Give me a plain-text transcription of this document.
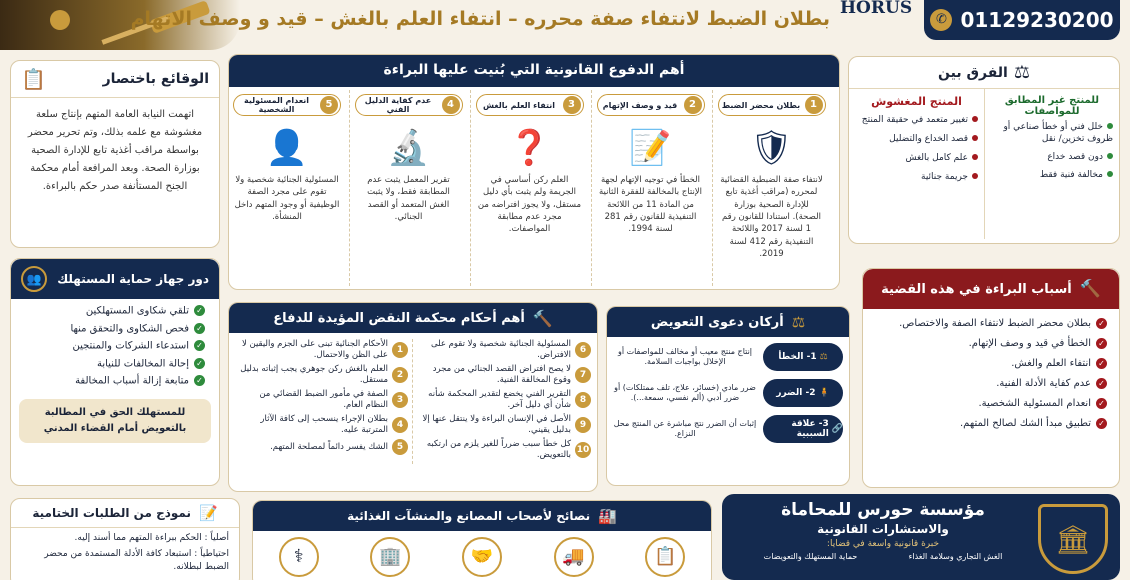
بطلان الضبط لانتفاء صفة محرره – انتفاء العلم بالغش – قيد و وصف الاتهام HORUS
✆ 01129230200
الوقائع باختصار
📋

اتهمت النيابة العامة المتهم بإنتاج سلعة مغشوشة مع علمه بذلك، وتم تحرير محضر بواسطة مراقب أغذية تابع للإدارة الصحية بوزارة الصحة. وبعد المرافعة أمام محكمة الجنح المستأنفة صدر حكم بالبراءة.

أهم الدفوع القانونية التي بُنيت عليها البراءة
1
بطلان محضر الضبط
🛡
لانتفاء صفة الضبطية القضائية لمحرره (مراقب أغذية تابع للإدارة الصحية بوزارة الصحة). استنادا للقانون رقم 1 لسنة 2017 واللائحة التنفيذية رقم 412 لسنة 2019.
2
قيد و وصف الإتهام
📝
الخطأ في توجيه الإتهام لجهة الإنتاج بالمخالفة للفقرة الثانية من المادة 11 من اللائحة التنفيذية للقانون رقم 281 لسنة 1994.
3
انتفاء العلم بالغش
❓
العلم ركن أساسي في الجريمة ولم يثبت بأي دليل مستقل، ولا يجوز افتراضه من مجرد عدم مطابقة المواصفات.
4
عدم كفاية الدليل الفني
🔬
تقرير المعمل يثبت عدم المطابقة فقط، ولا يثبت الغش المتعمد أو القصد الجنائي.
5
انعدام المسئولية الشخصية
👤
المسئولية الجنائية شخصية ولا تقوم على مجرد الصفة الوظيفية أو وجود المتهم داخل المنشأة.
⚖
الفرق بين
للمنتج غير المطابق للمواصفات
خلل فني أو خطأ صناعي أو ظروف تخزين/ نقل
دون قصد خداع
مخالفة فنية فقط
المنتج المغشوش
تغيير متعمد في حقيقة المنتج
قصد الخداع والتضليل
علم كامل بالغش
جريمة جنائية
دور جهاز حماية المستهلك
👥
✓تلقي شكاوى المستهلكين
✓فحص الشكاوى والتحقق منها
✓استدعاء الشركات والمنتجين
✓إحالة المخالفات للنيابة
✓متابعة إزالة أسباب المخالفة
للمستهلك الحق في المطالبة بالتعويض أمام القضاء المدني
🔨
أهم أحكام محكمة النقض المؤيدة للدفاع
6
المسئولية الجنائية شخصية ولا تقوم على الافتراض.
7
لا يصح افتراض القصد الجنائي من مجرد وقوع المخالفة الفنية.
8
التقرير الفني يخضع لتقدير المحكمة شأنه شأن أي دليل آخر.
9
الأصل في الإنسان البراءة ولا ينتقل عنها إلا بدليل يقيني.
10
كل خطأ سبب ضرراً للغير يلزم من ارتكبه بالتعويض.
1
الأحكام الجنائية تبنى على الجزم واليقين لا على الظن والاحتمال.
2
العلم بالغش ركن جوهري يجب إثباته بدليل مستقل.
3
الصفة في مأمور الضبط القضائي من النظام العام.
4
بطلان الإجراء ينسحب إلى كافة الآثار المترتبة عليه.
5
الشك يفسر دائماً لمصلحة المتهم.
⚖
أركان دعوى التعويض
إنتاج منتج معيب أو مخالف للمواصفات أو الإخلال بواجبات السلامة.	⚖
1- الخطأ
ضرر مادي (خسائر، علاج، تلف ممتلكات) أو ضرر أدبي (ألم نفسي، سمعة...).	🧍
2- الضرر
إثبات أن الضرر نتج مباشرة عن المنتج محل النزاع.	🔗
3- علاقة السببية
🔨
أسباب البراءة في هذه القضية
✓بطلان محضر الضبط لانتفاء الصفة والاختصاص.
✓الخطأ في قيد و وصف الإتهام.
✓انتفاء العلم والغش.
✓عدم كفاية الأدلة الفنية.
✓انعدام المسئولية الشخصية.
✓تطبيق مبدأ الشك لصالح المتهم.
📝
نموذج من الطلبات الختامية
أصلياً : الحكم ببراءة المتهم مما أسند إليه.
احتياطياً : استبعاد كافة الأدلة المستمدة من محضر الضبط لبطلانه.
🏭
نصائح لأصحاب المصانع والمنشآت الغذائية
⚕	🏢	🤝	🚚	📋
🏛
مؤسسة حورس للمحاماة
والاستشارات القانونية
خبرة قانونية واسعة في قضايا:
الغش التجاري وسلامة الغذاء
حماية المستهلك والتعويضات
